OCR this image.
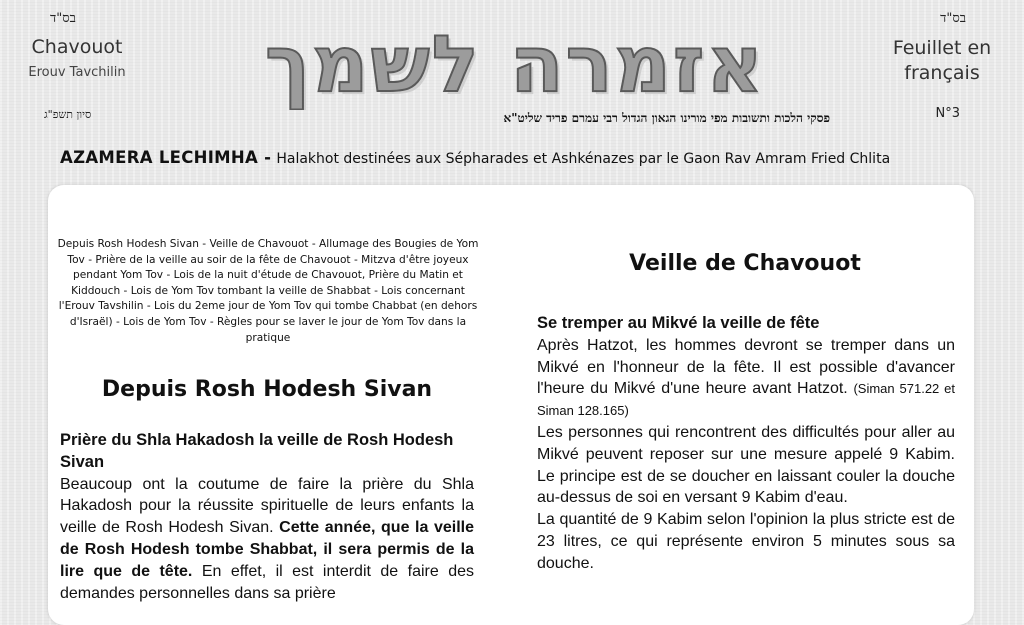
בס"ד	בס"ד
Chavouot
Erouv Tavchilin
סיון תשפ"ג
Feuillet en
français
N°3
אזמרה לשמך
פסקי הלכות ותשובות מפי מורינו הגאון הגדול רבי עמרם פריד שליט"א
AZAMERA LECHIMHA - Halakhot destinées aux Sépharades et Ashkénazes par le Gaon Rav Amram Fried Chlita
Depuis Rosh Hodesh Sivan - Veille de Chavouot - Allumage des Bougies de Yom Tov - Prière de la veille au soir de la fête de Chavouot - Mitzva d'être joyeux pendant Yom Tov - Lois de la nuit d'étude de Chavouot, Prière du Matin et Kiddouch - Lois de Yom Tov tombant la veille de Shabbat - Lois concernant l'Erouv Tavshilin - Lois du 2eme jour de Yom Tov qui tombe Chabbat (en dehors d'Israël) - Lois de Yom Tov - Règles pour se laver le jour de Yom Tov dans la pratique
Depuis Rosh Hodesh Sivan

Prière du Shla Hakadosh la veille de Rosh Hodesh Sivan

Beaucoup ont la coutume de faire la prière du Shla Hakadosh pour la réussite spirituelle de leurs enfants la veille de Rosh Hodesh Sivan. Cette année, que la veille de Rosh Hodesh tombe Shabbat, il sera permis de la lire que de tête. En effet, il est interdit de faire des demandes personnelles dans sa prière

Veille de Chavouot

Se tremper au Mikvé la veille de fête

Après Hatzot, les hommes devront se tremper dans un Mikvé en l'honneur de la fête. Il est possible d'avancer l'heure du Mikvé d'une heure avant Hatzot. (Siman 571.22 et Siman 128.165)

Les personnes qui rencontrent des difficultés pour aller au Mikvé peuvent reposer sur une mesure appelé 9 Kabim. Le principe est de se doucher en laissant couler la douche au-dessus de soi en versant 9 Kabim d'eau.

La quantité de 9 Kabim selon l'opinion la plus stricte est de 23 litres, ce qui représente environ 5 minutes sous sa douche.
